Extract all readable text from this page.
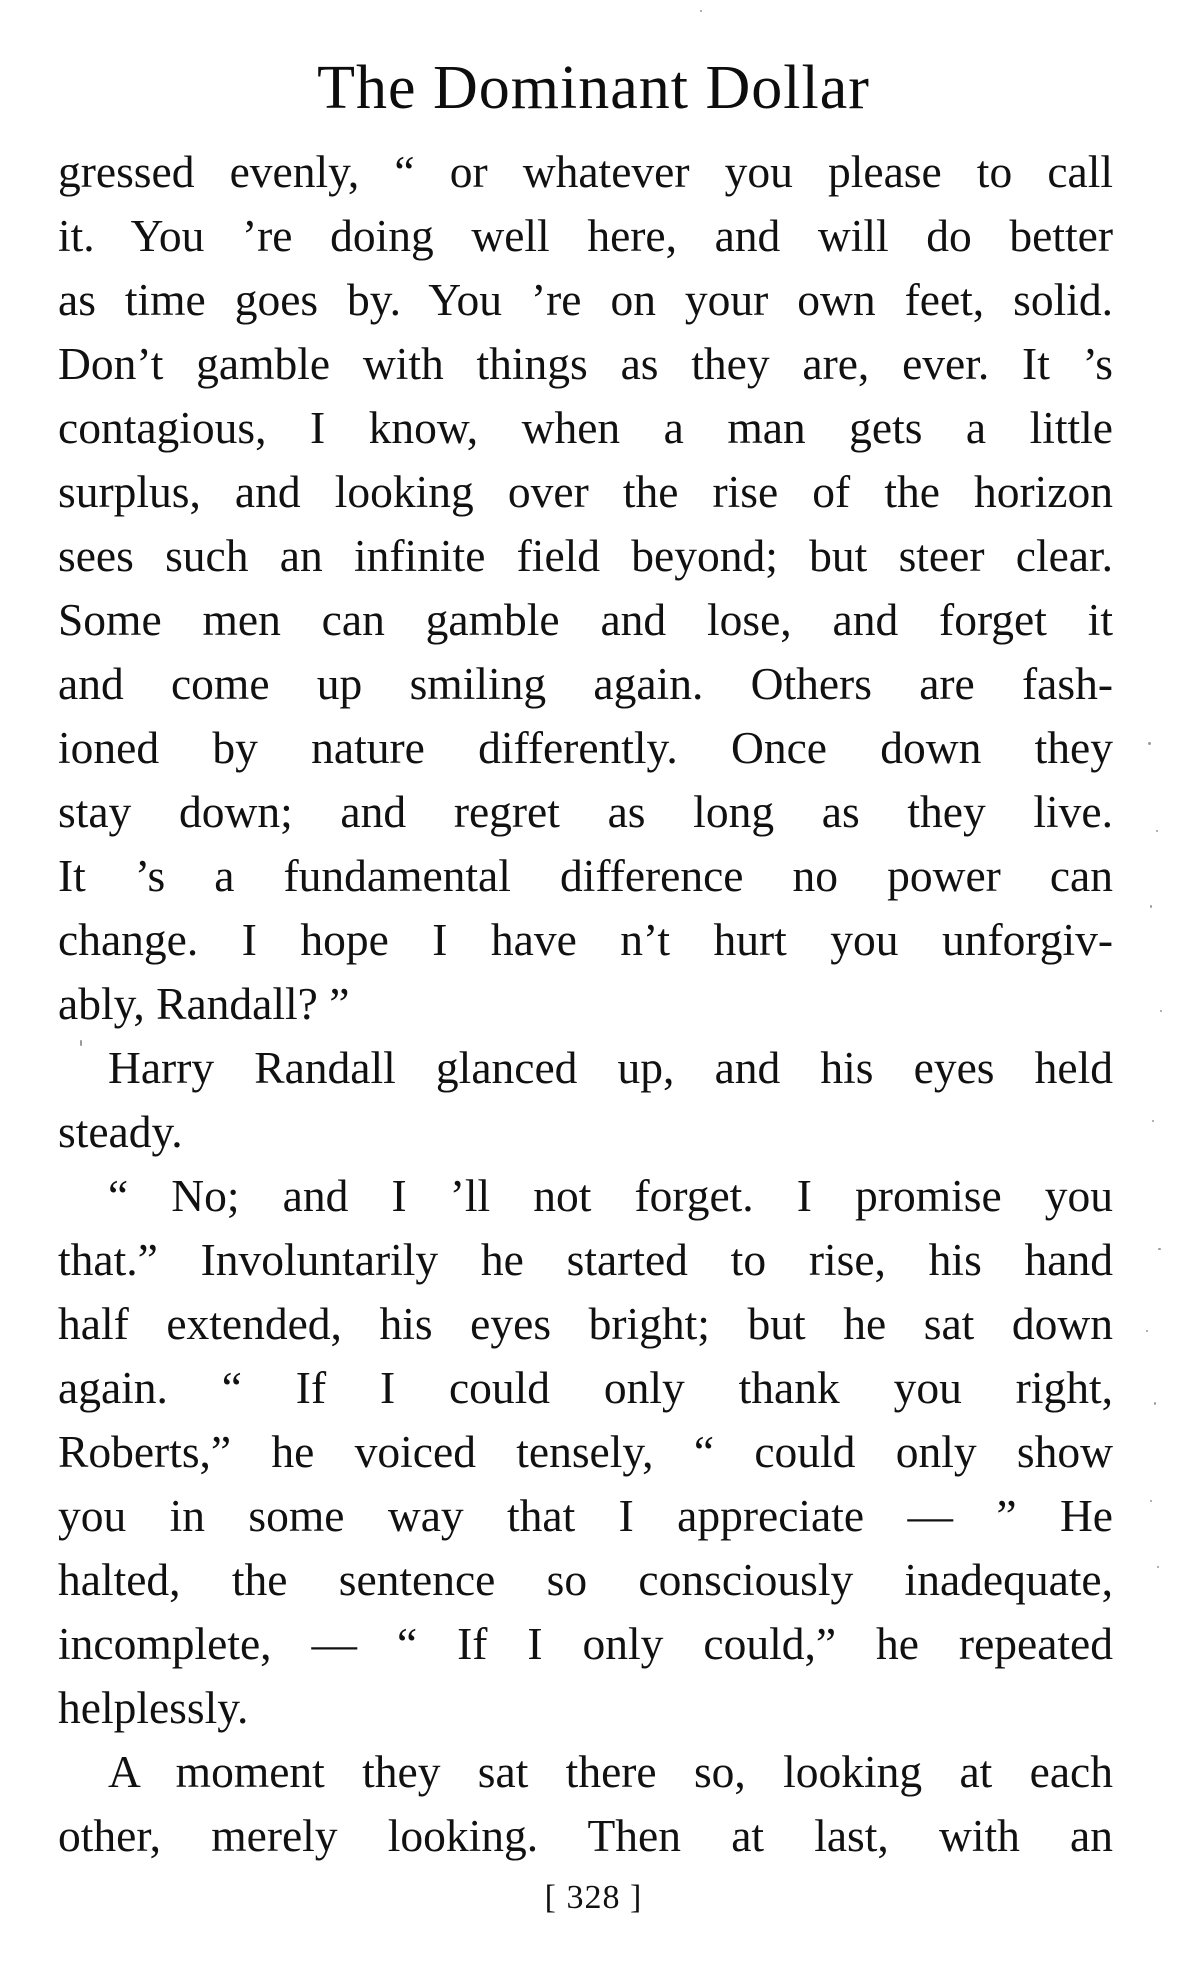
The Dominant Dollar
gressed evenly, “ or whatever you please to call
it. You ’re doing well here, and will do better
as time goes by. You ’re on your own feet, solid.
Don’t gamble with things as they are, ever. It ’s
contagious, I know, when a man gets a little
surplus, and looking over the rise of the horizon
sees such an infinite field beyond; but steer clear.
Some men can gamble and lose, and forget it
and come up smiling again. Others are fash-
ioned by nature differently. Once down they
stay down; and regret as long as they live.
It ’s a fundamental difference no power can
change. I hope I have n’t hurt you unforgiv-
ably, Randall? ”
Harry Randall glanced up, and his eyes held
steady.
“ No; and I ’ll not forget. I promise you
that.” Involuntarily he started to rise, his hand
half extended, his eyes bright; but he sat down
again. “ If I could only thank you right,
Roberts,” he voiced tensely, “ could only show
you in some way that I appreciate — ” He
halted, the sentence so consciously inadequate,
incomplete, — “ If I only could,” he repeated
helplessly.
A moment they sat there so, looking at each
other, merely looking. Then at last, with an
[ 328 ]
